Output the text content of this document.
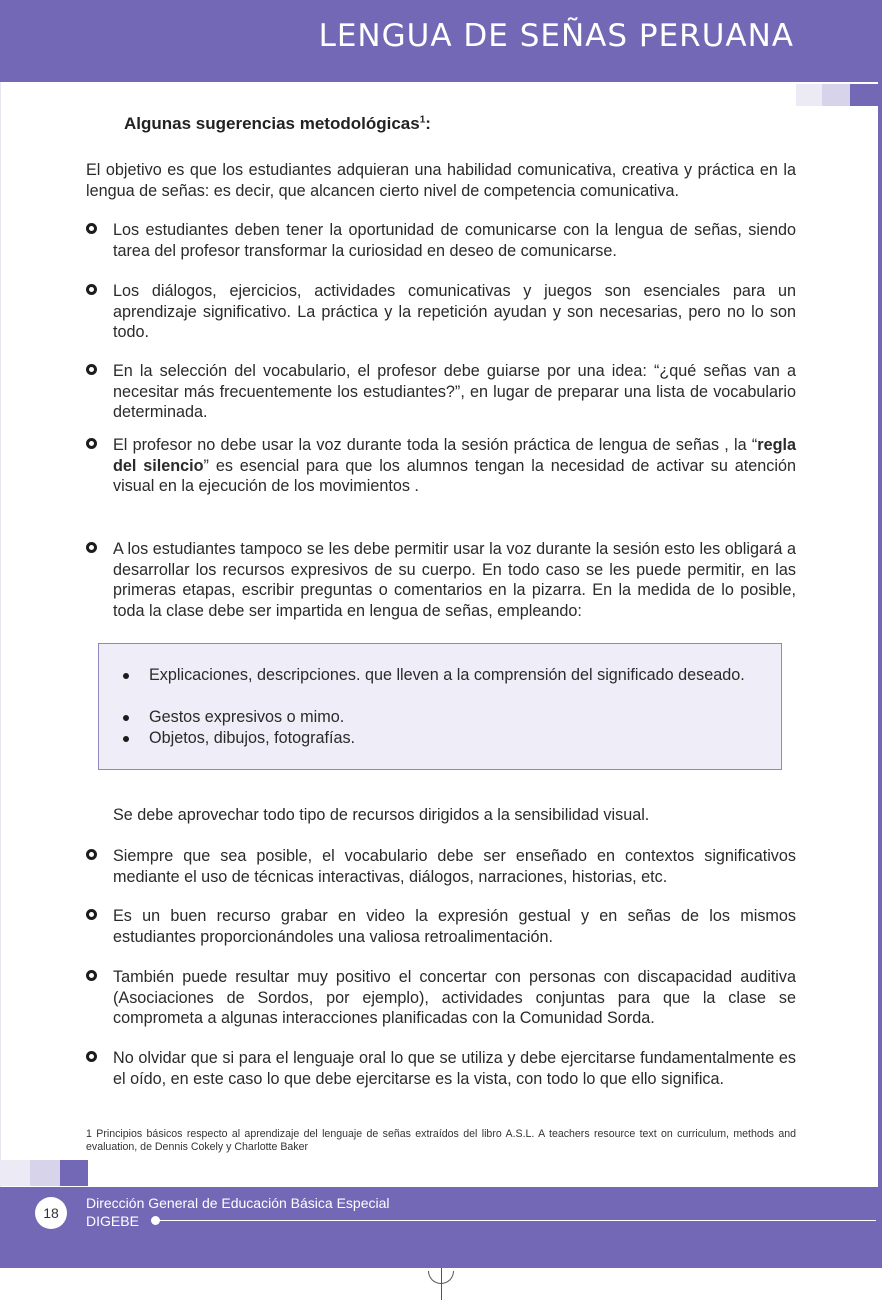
LENGUA DE SEÑAS PERUANA
Algunas sugerencias metodológicas$^1$:
El objetivo es que los estudiantes adquieran una habilidad comunicativa, creativa y práctica en la lengua de señas: es decir, que alcancen cierto nivel de competencia comunicativa.
Los estudiantes deben tener la oportunidad de comunicarse con la lengua de señas, siendo tarea del profesor transformar la curiosidad en deseo de comunicarse.
Los diálogos, ejercicios, actividades comunicativas y juegos son esenciales para un aprendizaje significativo. La práctica y la repetición ayudan y son necesarias, pero no lo son todo.
En la selección del vocabulario, el profesor debe guiarse por una idea: “¿qué señas van a necesitar más frecuentemente los estudiantes?”, en lugar de preparar una lista de vocabulario determinada.
El profesor no debe usar la voz durante toda la sesión práctica de lengua de señas , la “regla del silencio” es esencial para que los alumnos tengan la necesidad de activar su atención visual en la ejecución de los movimientos .
A los estudiantes tampoco se les debe permitir usar la voz durante la sesión esto les obligará a desarrollar los recursos expresivos de su cuerpo. En todo caso se les puede permitir, en las primeras etapas, escribir preguntas o comentarios en la pizarra. En la medida de lo posible, toda la clase debe ser impartida en lengua de señas, empleando:
Explicaciones, descripciones. que lleven a la comprensión del significado deseado.
Gestos expresivos o mimo.
Objetos, dibujos, fotografías.
Se debe aprovechar todo tipo de recursos dirigidos a la sensibilidad visual.
Siempre que sea posible, el vocabulario debe ser enseñado en contextos significativos mediante el uso de técnicas interactivas, diálogos, narraciones, historias, etc.
Es un buen recurso grabar en video la expresión gestual y en señas de los mismos estudiantes proporcionándoles una valiosa retroalimentación.
También puede resultar muy positivo el concertar con personas con discapacidad auditiva (Asociaciones de Sordos, por ejemplo), actividades conjuntas para que la clase se comprometa a algunas interacciones planificadas con la Comunidad Sorda.
No olvidar que si para el lenguaje oral lo que se utiliza y debe ejercitarse fundamentalmente es el oído, en este caso lo que debe ejercitarse es la vista, con todo lo que ello significa.
1 Principios básicos respecto al aprendizaje del lenguaje de señas extraídos del libro A.S.L. A teachers resource text on curriculum, methods and evaluation, de Dennis Cokely y Charlotte Baker
18
Dirección General de Educación Básica Especial
DIGEBE
